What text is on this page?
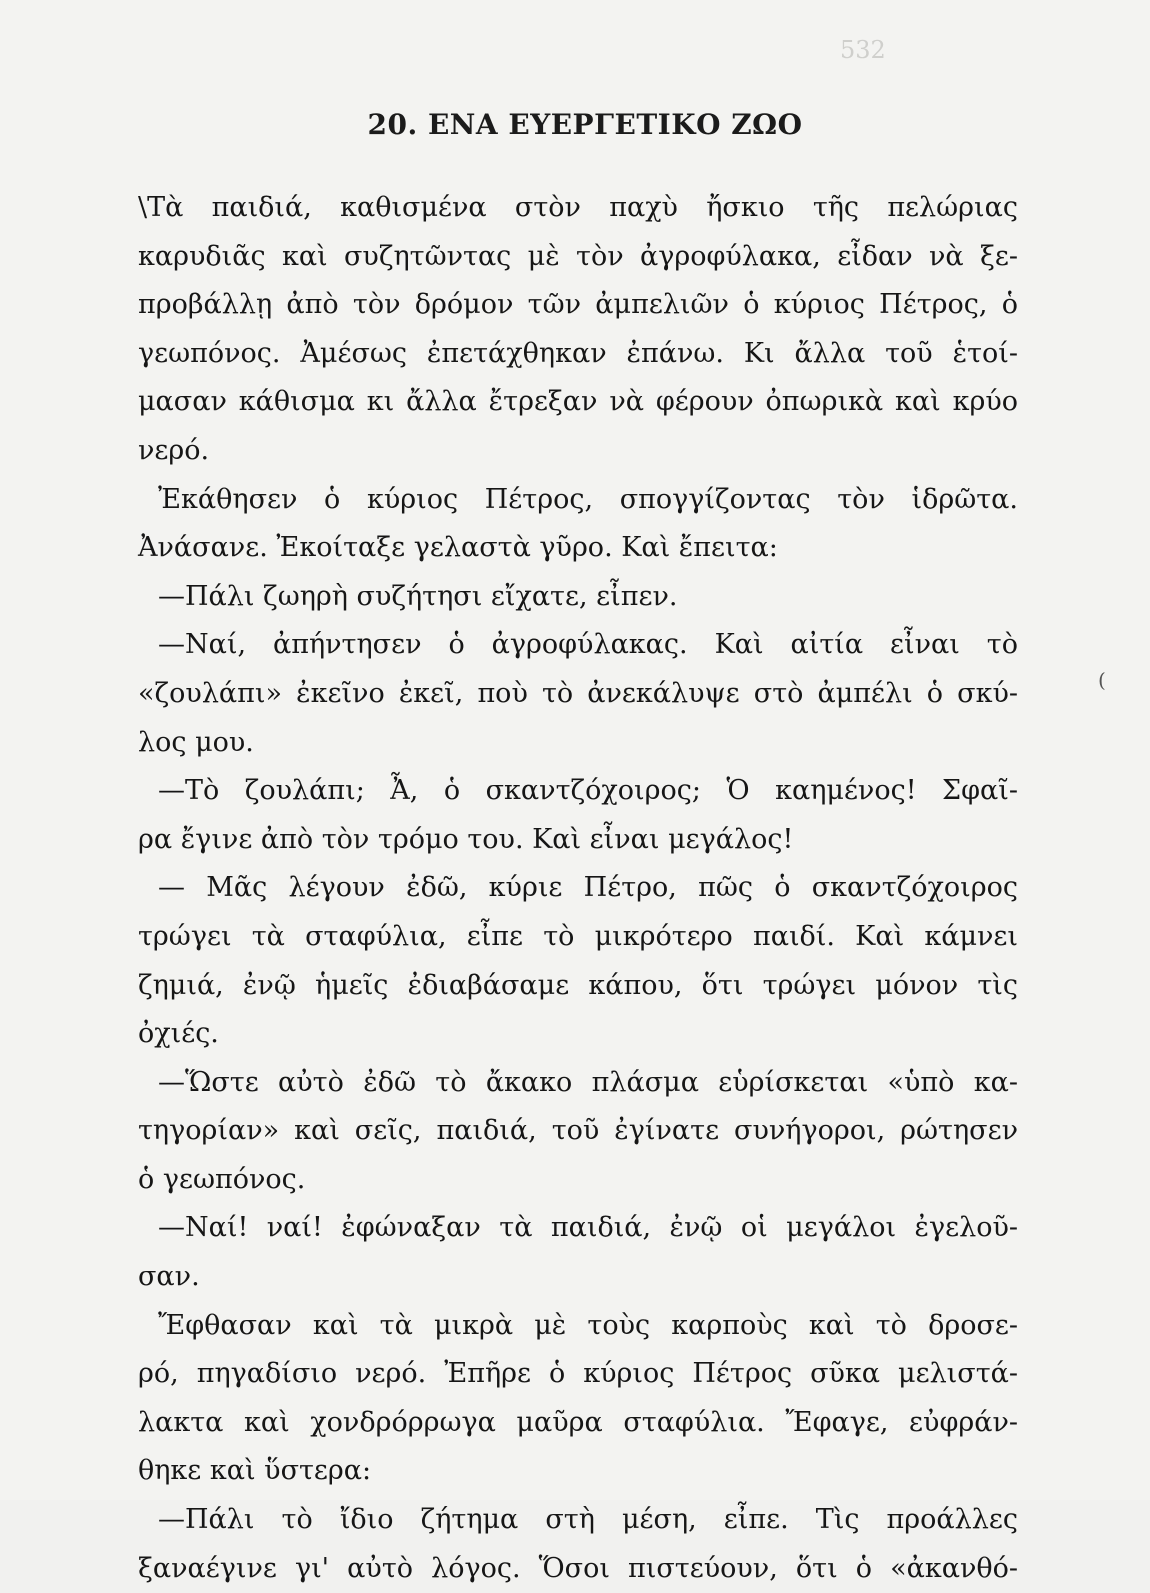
532
20. ΕΝΑ ΕΥΕΡΓΕΤΙΚΟ ΖΩΟ
(
\Τὰ παιδιά, καθισμένα στὸν παχὺ ἤσκιο τῆς πελώριας
καρυδιᾶς καὶ συζητῶντας μὲ τὸν ἀγροφύλακα, εἶδαν νὰ ξε-
προβάλλῃ ἀπὸ τὸν δρόμον τῶν ἀμπελιῶν ὁ κύριος Πέτρος, ὁ
γεωπόνος. Ἀμέσως ἐπετάχθηκαν ἐπάνω. Κι ἄλλα τοῦ ἑτοί-
μασαν κάθισμα κι ἄλλα ἔτρεξαν νὰ φέρουν ὀπωρικὰ καὶ κρύο
νερό.
Ἐκάθησεν ὁ κύριος Πέτρος, σπογγίζοντας τὸν ἱδρῶτα.
Ἀνάσανε. Ἐκοίταξε γελαστὰ γῦρο. Καὶ ἔπειτα:
—Πάλι ζωηρὴ συζήτησι εἴχατε, εἶπεν.
—Ναί, ἀπήντησεν ὁ ἀγροφύλακας. Καὶ αἰτία εἶναι τὸ
«ζουλάπι» ἐκεῖνο ἐκεῖ, ποὺ τὸ ἀνεκάλυψε στὸ ἀμπέλι ὁ σκύ-
λος μου.
—Τὸ ζουλάπι; Ἆ, ὁ σκαντζόχοιρος; Ὁ καημένος! Σφαῖ-
ρα ἔγινε ἀπὸ τὸν τρόμο του. Καὶ εἶναι μεγάλος!
— Μᾶς λέγουν ἐδῶ, κύριε Πέτρο, πῶς ὁ σκαντζόχοιρος
τρώγει τὰ σταφύλια, εἶπε τὸ μικρότερο παιδί. Καὶ κάμνει
ζημιά, ἐνῷ ἡμεῖς ἐδιαβάσαμε κάπου, ὅτι τρώγει μόνον τὶς
ὀχιές.
—Ὥστε αὐτὸ ἐδῶ τὸ ἄκακο πλάσμα εὑρίσκεται «ὑπὸ κα-
τηγορίαν» καὶ σεῖς, παιδιά, τοῦ ἐγίνατε συνήγοροι, ρώτησεν
ὁ γεωπόνος.
—Ναί! ναί! ἐφώναξαν τὰ παιδιά, ἐνῷ οἱ μεγάλοι ἐγελοῦ-
σαν.
Ἔφθασαν καὶ τὰ μικρὰ μὲ τοὺς καρποὺς καὶ τὸ δροσε-
ρό, πηγαδίσιο νερό. Ἐπῆρε ὁ κύριος Πέτρος σῦκα μελιστά-
λακτα καὶ χονδρόρρωγα μαῦρα σταφύλια. Ἔφαγε, εὐφράν-
θηκε καὶ ὕστερα:
—Πάλι τὸ ἴδιο ζήτημα στὴ μέση, εἶπε. Τὶς προάλλες
ξαναέγινε γι' αὐτὸ λόγος. Ὅσοι πιστεύουν, ὅτι ὁ «ἀκανθό-
